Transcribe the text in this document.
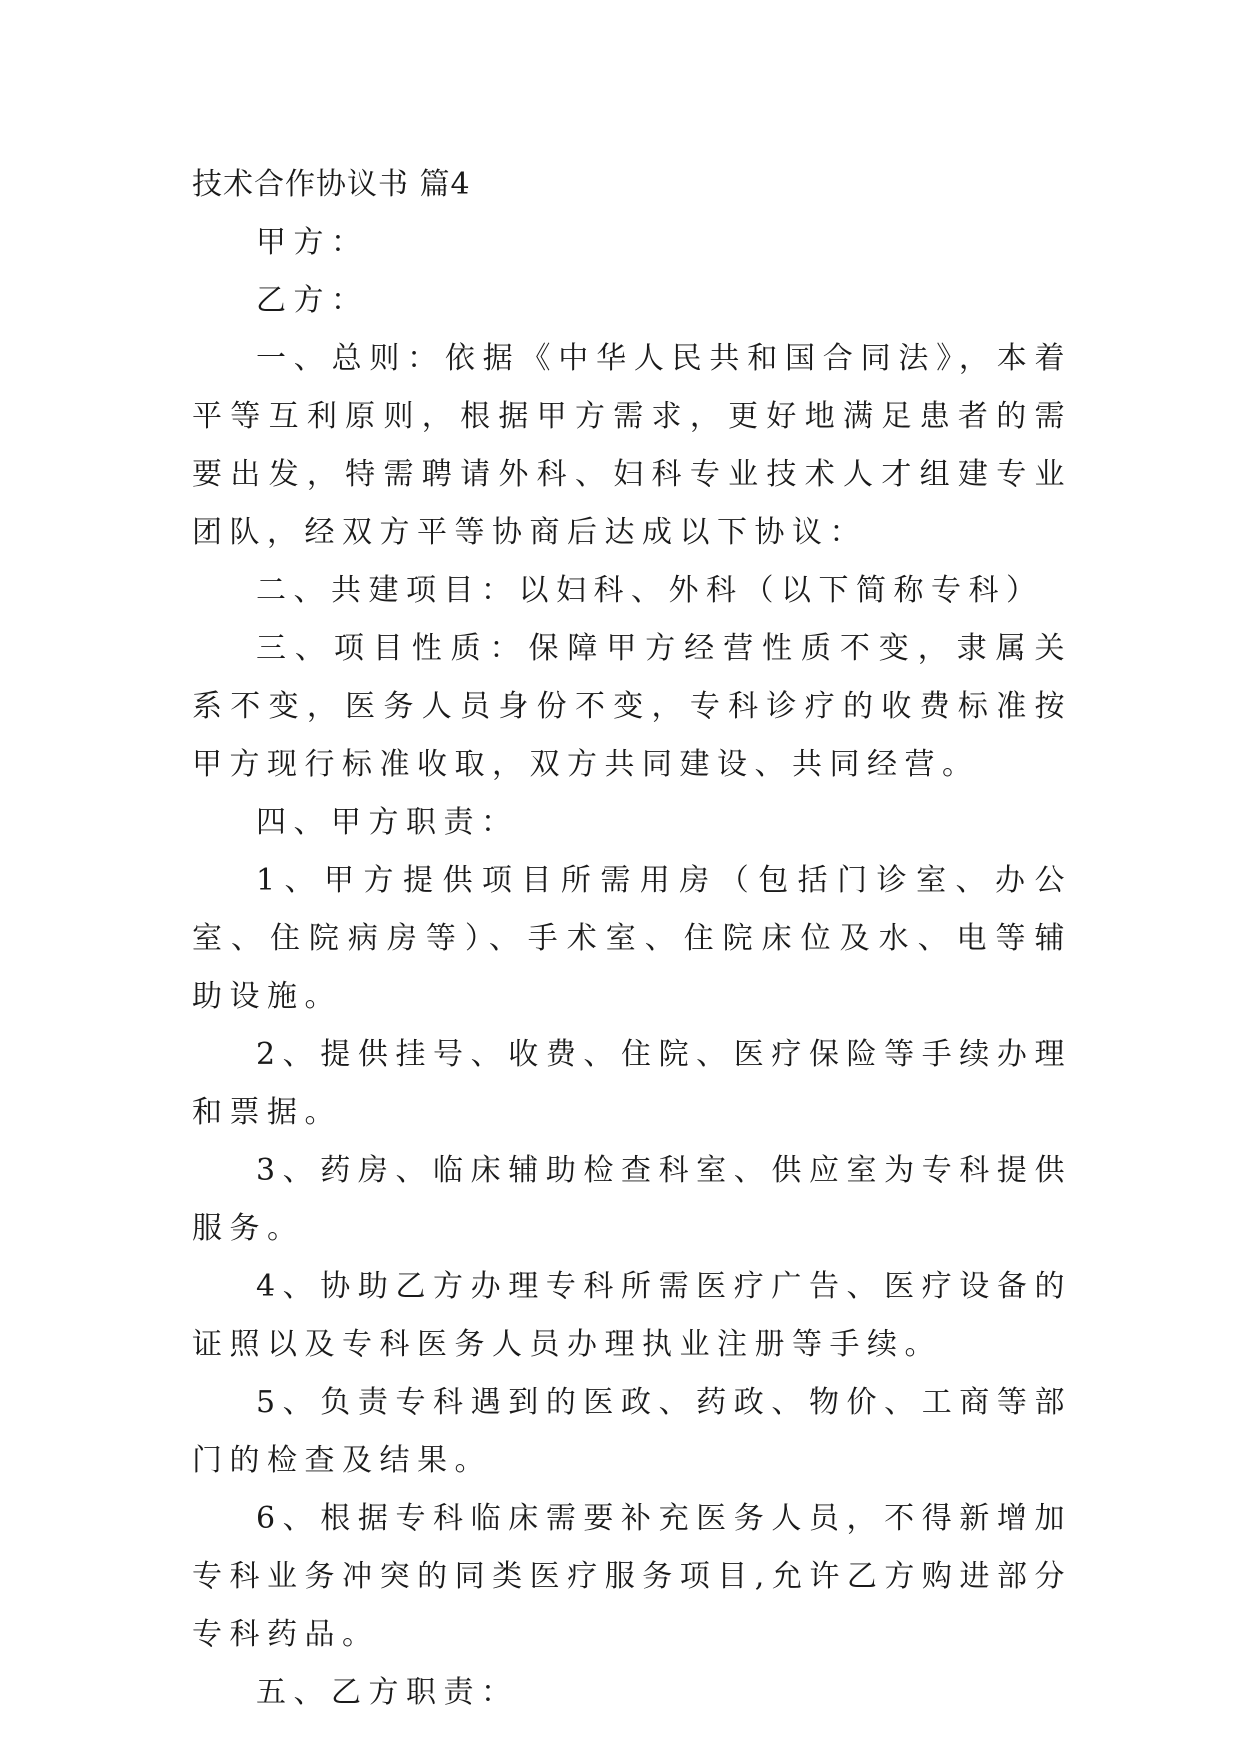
技术合作协议书 篇4

甲方：

乙方：

一、总则：依据《中华人民共和国合同法》，本着平等互利原则，根据甲方需求，更好地满足患者的需要出发，特需聘请外科、妇科专业技术人才组建专业团队，经双方平等协商后达成以下协议：

二、共建项目：以妇科、外科（以下简称专科）

三、项目性质：保障甲方经营性质不变，隶属关系不变，医务人员身份不变，专科诊疗的收费标准按甲方现行标准收取，双方共同建设、共同经营。

四、甲方职责：

1、甲方提供项目所需用房（包括门诊室、办公室、住院病房等）、手术室、住院床位及水、电等辅助设施。

2、提供挂号、收费、住院、医疗保险等手续办理和票据。

3、药房、临床辅助检查科室、供应室为专科提供服务。

4、协助乙方办理专科所需医疗广告、医疗设备的证照以及专科医务人员办理执业注册等手续。

5、负责专科遇到的医政、药政、物价、工商等部门的检查及结果。

6、根据专科临床需要补充医务人员，不得新增加专科业务冲突的同类医疗服务项目,允许乙方购进部分专科药品。

五、乙方职责：
